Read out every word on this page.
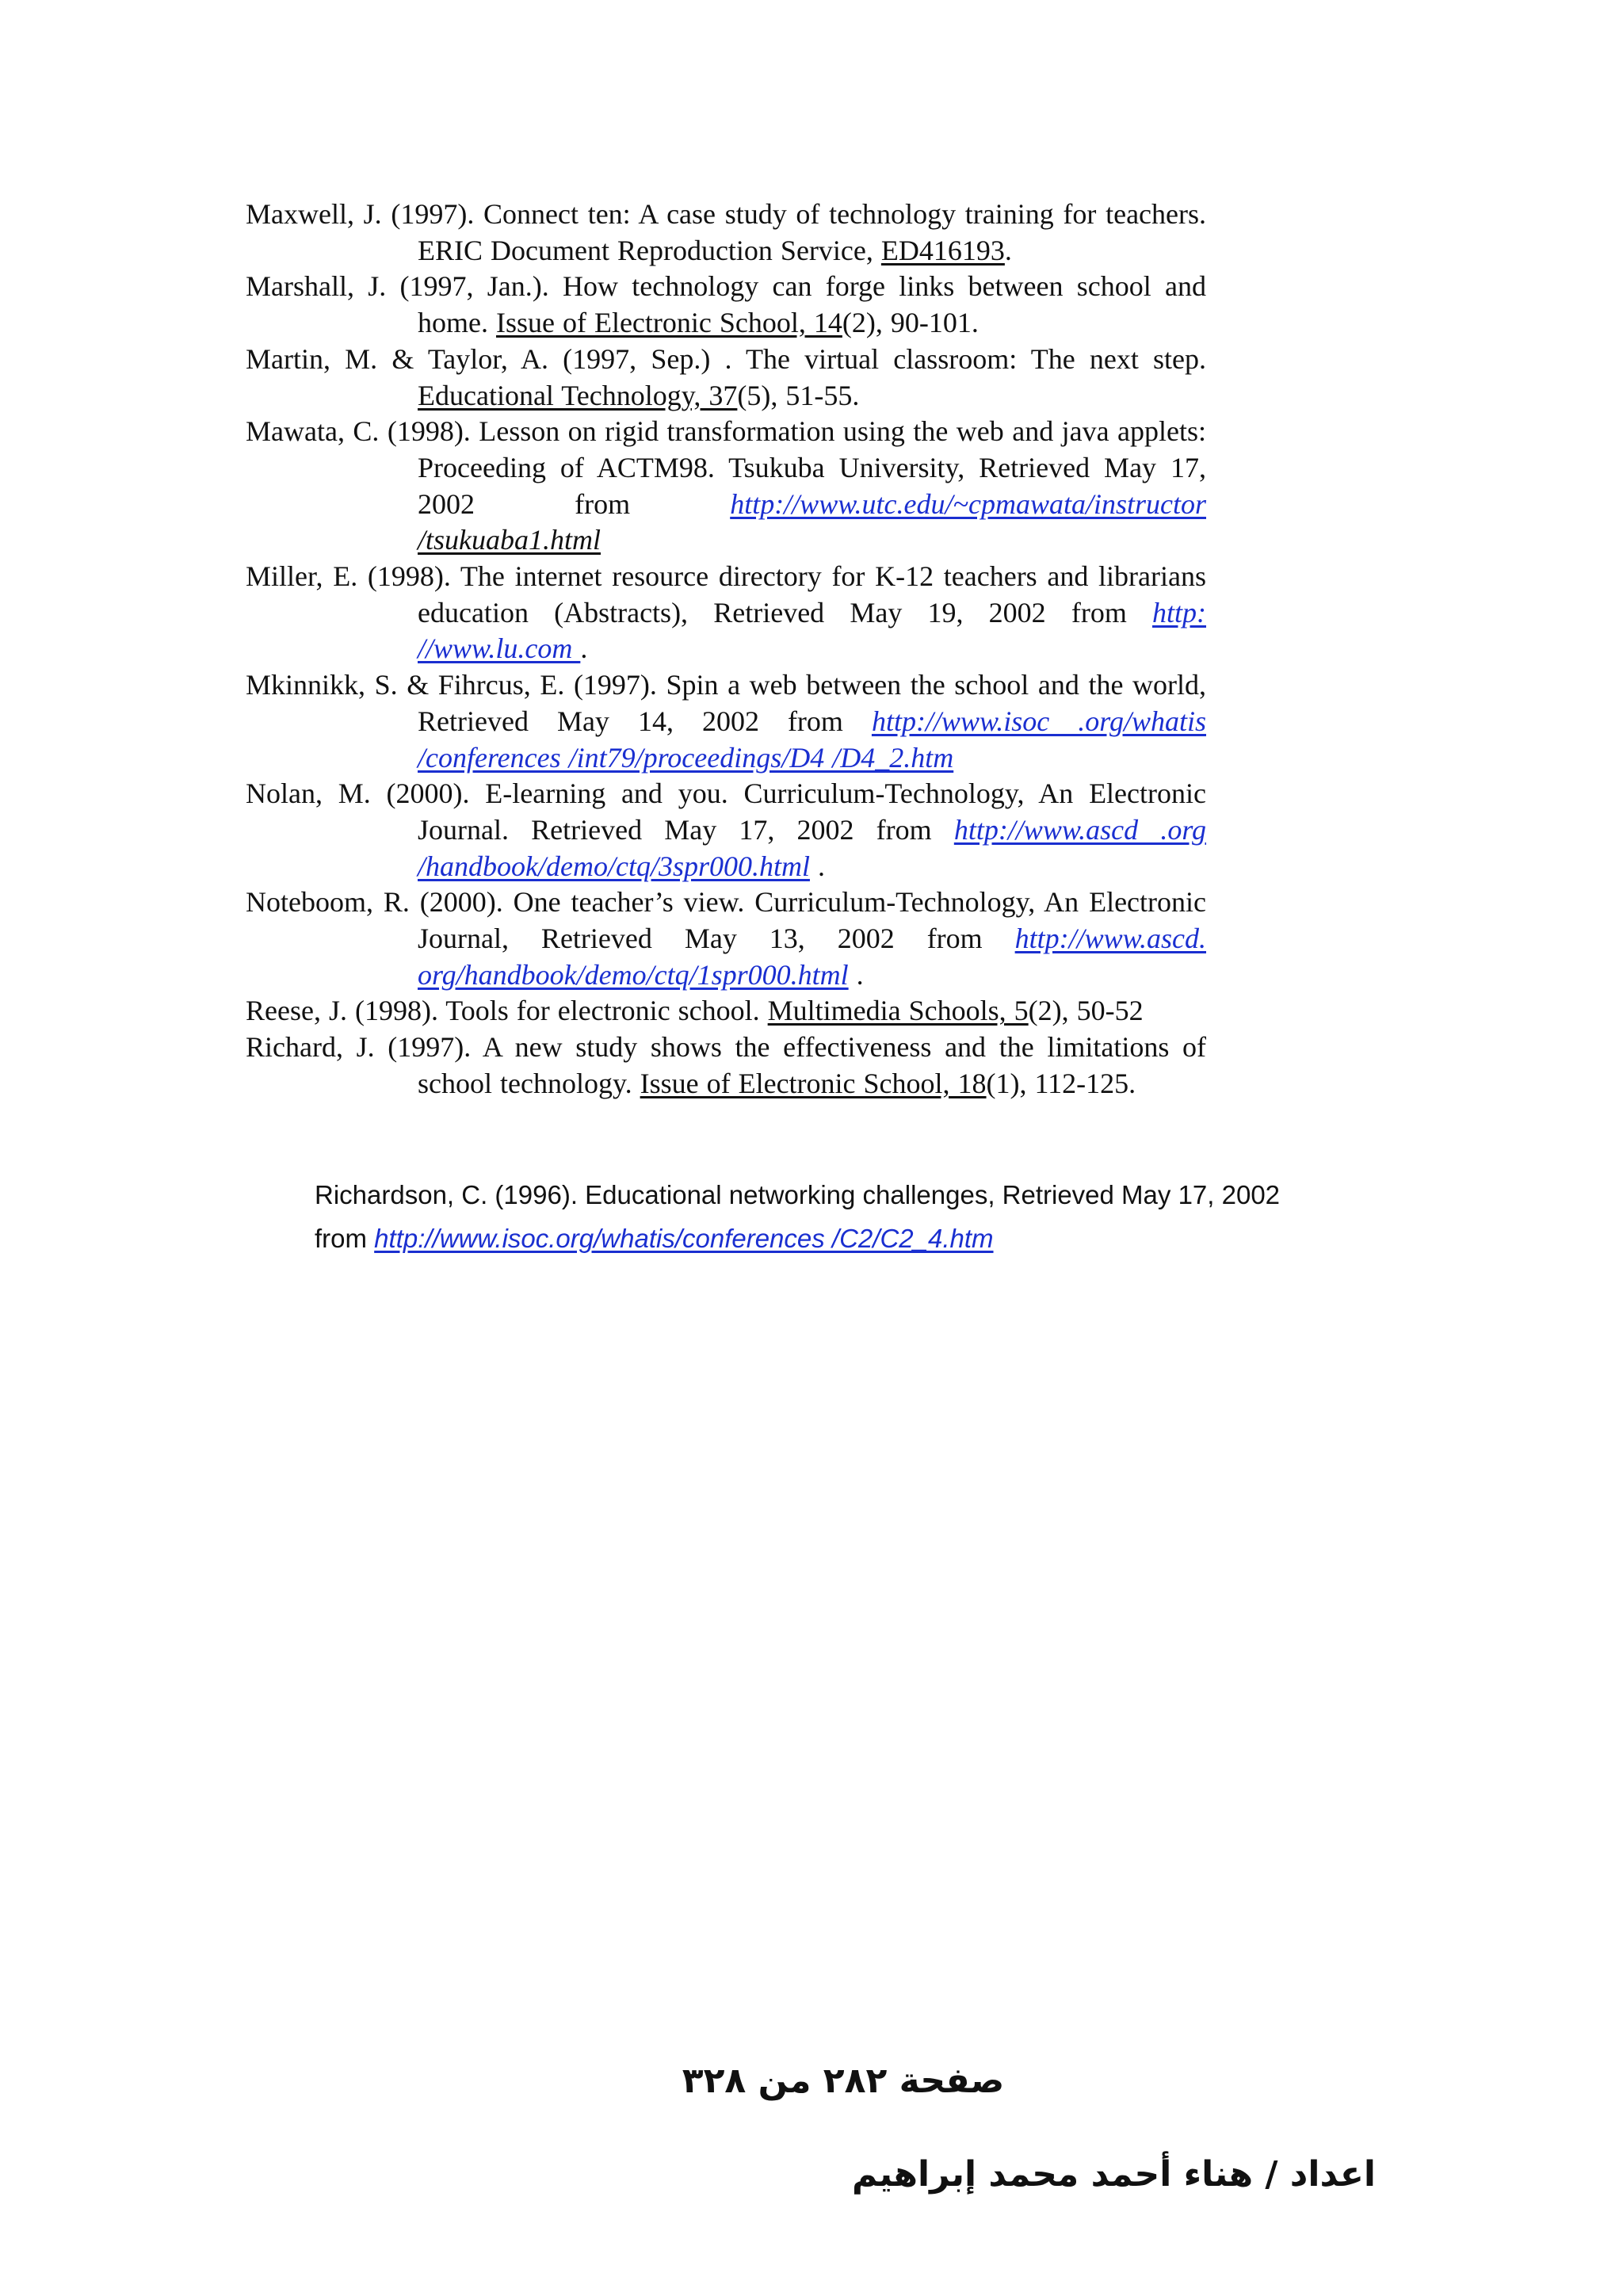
Maxwell, J. (1997). Connect ten: A case study of technology training for teachers. ERIC Document Reproduction Service, ED416193.

Marshall, J. (1997, Jan.). How technology can forge links between school and home. Issue of Electronic School, 14(2), 90-101.

Martin, M. & Taylor, A. (1997, Sep.) . The virtual classroom: The next step. Educational Technology, 37(5), 51-55.

Mawata, C. (1998). Lesson on rigid transformation using the web and java applets: Proceeding of ACTM98. Tsukuba University, Retrieved May 17, 2002 from http://www.utc.edu/~cpmawata/instructor /tsukuaba1.html

Miller, E. (1998). The internet resource directory for K-12 teachers and librarians education (Abstracts), Retrieved May 19, 2002 from http: //www.lu.com .

Mkinnikk, S. & Fihrcus, E. (1997). Spin a web between the school and the world, Retrieved May 14, 2002 from http://www.isoc .org/whatis /conferences /int79/proceedings/D4 /D4_2.htm

Nolan, M. (2000). E-learning and you. Curriculum-Technology, An Electronic Journal. Retrieved May 17, 2002 from http://www.ascd .org /handbook/demo/ctq/3spr000.html .

Noteboom, R. (2000). One teacher’s view. Curriculum-Technology, An Electronic Journal, Retrieved May 13, 2002 from http://www.ascd. org/handbook/demo/ctq/1spr000.html .

Reese, J. (1998). Tools for electronic school. Multimedia Schools, 5(2), 50-52

Richard, J. (1997). A new study shows the effectiveness and the limitations of school technology. Issue of Electronic School, 18(1), 112-125.

Richardson, C. (1996). Educational networking challenges, Retrieved May 17, 2002
from http://www.isoc.org/whatis/conferences /C2/C2_4.htm
صفحة ٢٨٢ من ٣٢٨
اعداد / هناء أحمد محمد إبراهيم
